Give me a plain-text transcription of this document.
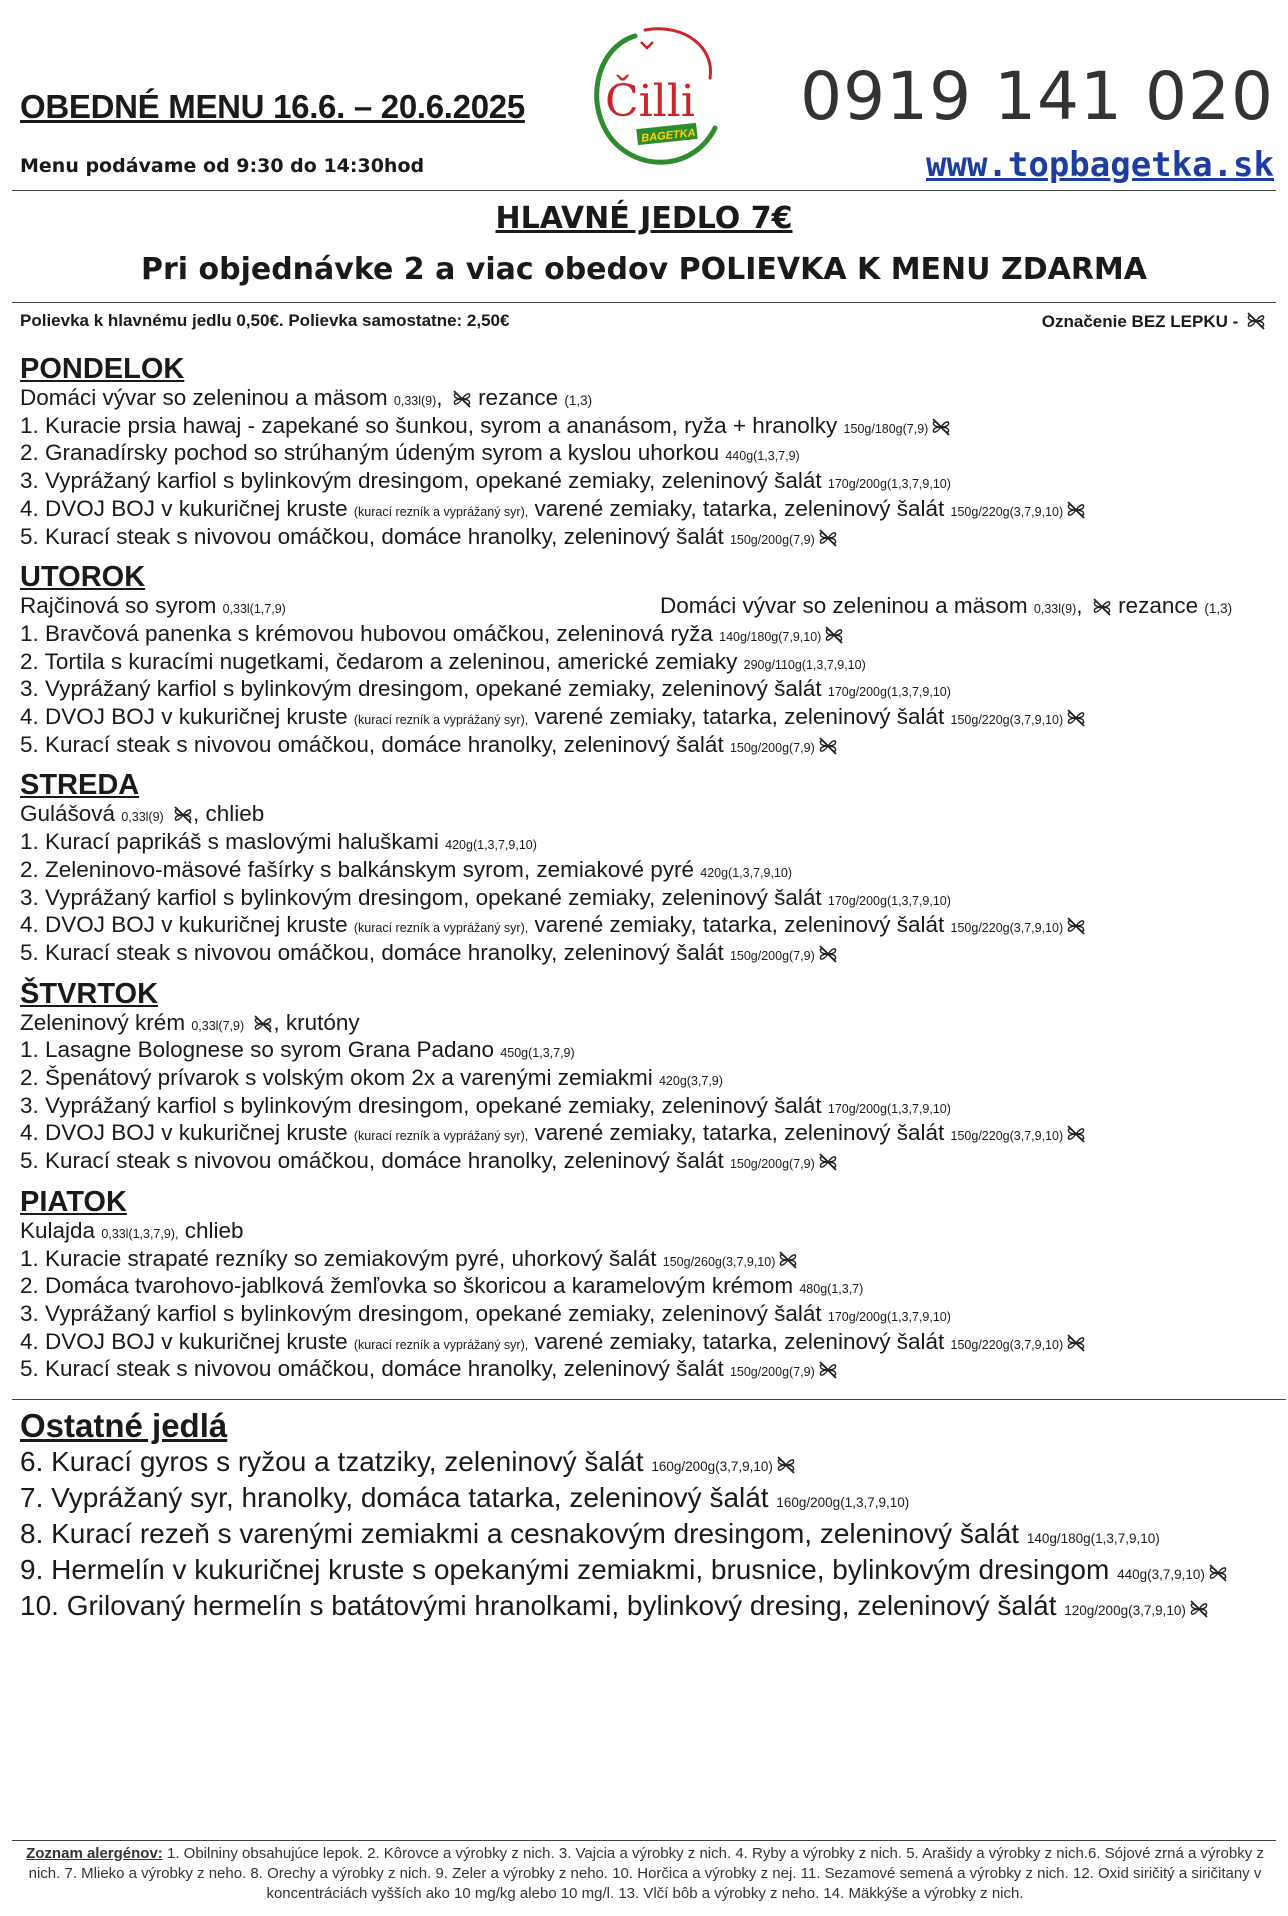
OBEDNÉ MENU 16.6. – 20.6.2025
Menu podávame od 9:30 do 14:30hod
Čilli
BAGETKA
0919 141 020
www.topbagetka.sk
HLAVNÉ JEDLO 7€
Pri objednávke 2 a viac obedov POLIEVKA K MENU ZDARMA
Polievka k hlavnému jedlu 0,50€. Polievka samostatne: 2,50€	Označenie BEZ LEPKU -
PONDELOK
Domáci vývar so zeleninou a mäsom 0,33l(9),
rezance (1,3)
1. Kuracie prsia hawaj - zapekané so šunkou, syrom a ananásom, ryža + hranolky 150g/180g(7,9)
2. Granadírsky pochod so strúhaným údeným syrom a kyslou uhorkou 440g(1,3,7,9)
3. Vyprážaný karfiol s bylinkovým dresingom, opekané zemiaky, zeleninový šalát 170g/200g(1,3,7,9,10)
4. DVOJ BOJ v kukuričnej kruste (kurací rezník a vyprážaný syr), varené zemiaky, tatarka, zeleninový šalát 150g/220g(3,7,9,10)
5. Kurací steak s nivovou omáčkou, domáce hranolky, zeleninový šalát 150g/200g(7,9)
UTOROK
Rajčinová so syrom 0,33l(1,7,9)	Domáci vývar so zeleninou a mäsom 0,33l(9),
rezance (1,3)
1. Bravčová panenka s krémovou hubovou omáčkou, zeleninová ryža 140g/180g(7,9,10)
2. Tortila s kuracími nugetkami, čedarom a zeleninou, americké zemiaky 290g/110g(1,3,7,9,10)
3. Vyprážaný karfiol s bylinkovým dresingom, opekané zemiaky, zeleninový šalát 170g/200g(1,3,7,9,10)
4. DVOJ BOJ v kukuričnej kruste (kurací rezník a vyprážaný syr), varené zemiaky, tatarka, zeleninový šalát 150g/220g(3,7,9,10)
5. Kurací steak s nivovou omáčkou, domáce hranolky, zeleninový šalát 150g/200g(7,9)
STREDA
Gulášová 0,33l(9) , chlieb
1. Kurací paprikáš s maslovými haluškami 420g(1,3,7,9,10)
2. Zeleninovo-mäsové fašírky s balkánskym syrom, zemiakové pyré 420g(1,3,7,9,10)
3. Vyprážaný karfiol s bylinkovým dresingom, opekané zemiaky, zeleninový šalát 170g/200g(1,3,7,9,10)
4. DVOJ BOJ v kukuričnej kruste (kurací rezník a vyprážaný syr), varené zemiaky, tatarka, zeleninový šalát 150g/220g(3,7,9,10)
5. Kurací steak s nivovou omáčkou, domáce hranolky, zeleninový šalát 150g/200g(7,9)
ŠTVRTOK
Zeleninový krém 0,33l(7,9) , krutóny
1. Lasagne Bolognese so syrom Grana Padano 450g(1,3,7,9)
2. Špenátový prívarok s volským okom 2x a varenými zemiakmi 420g(3,7,9)
3. Vyprážaný karfiol s bylinkovým dresingom, opekané zemiaky, zeleninový šalát 170g/200g(1,3,7,9,10)
4. DVOJ BOJ v kukuričnej kruste (kurací rezník a vyprážaný syr), varené zemiaky, tatarka, zeleninový šalát 150g/220g(3,7,9,10)
5. Kurací steak s nivovou omáčkou, domáce hranolky, zeleninový šalát 150g/200g(7,9)
PIATOK
Kulajda 0,33l(1,3,7,9), chlieb
1. Kuracie strapaté rezníky so zemiakovým pyré, uhorkový šalát 150g/260g(3,7,9,10)
2. Domáca tvarohovo-jablková žemľovka so škoricou a karamelovým krémom 480g(1,3,7)
3. Vyprážaný karfiol s bylinkovým dresingom, opekané zemiaky, zeleninový šalát 170g/200g(1,3,7,9,10)
4. DVOJ BOJ v kukuričnej kruste (kurací rezník a vyprážaný syr), varené zemiaky, tatarka, zeleninový šalát 150g/220g(3,7,9,10)
5. Kurací steak s nivovou omáčkou, domáce hranolky, zeleninový šalát 150g/200g(7,9)
Ostatné jedlá
6. Kurací gyros s ryžou a tzatziky, zeleninový šalát 160g/200g(3,7,9,10)
7. Vyprážaný syr, hranolky, domáca tatarka, zeleninový šalát 160g/200g(1,3,7,9,10)
8. Kurací rezeň s varenými zemiakmi a cesnakovým dresingom, zeleninový šalát 140g/180g(1,3,7,9,10)
9. Hermelín v kukuričnej kruste s opekanými zemiakmi, brusnice, bylinkovým dresingom 440g(3,7,9,10)
10. Grilovaný hermelín s batátovými hranolkami, bylinkový dresing, zeleninový šalát 120g/200g(3,7,9,10)
Zoznam alergénov: 1. Obilniny obsahujúce lepok. 2. Kôrovce a výrobky z nich. 3. Vajcia a výrobky z nich. 4. Ryby a výrobky z nich. 5. Arašidy a výrobky z nich.6. Sójové zrná a výrobky z nich. 7. Mlieko a výrobky z neho. 8. Orechy a výrobky z nich. 9. Zeler a výrobky z neho. 10. Horčica a výrobky z nej. 11. Sezamové semená a výrobky z nich. 12. Oxid siričitý a siričitany v koncentráciách vyšších ako 10 mg/kg alebo 10 mg/l. 13. Vlčí bôb a výrobky z neho. 14. Mäkkýše a výrobky z nich.
